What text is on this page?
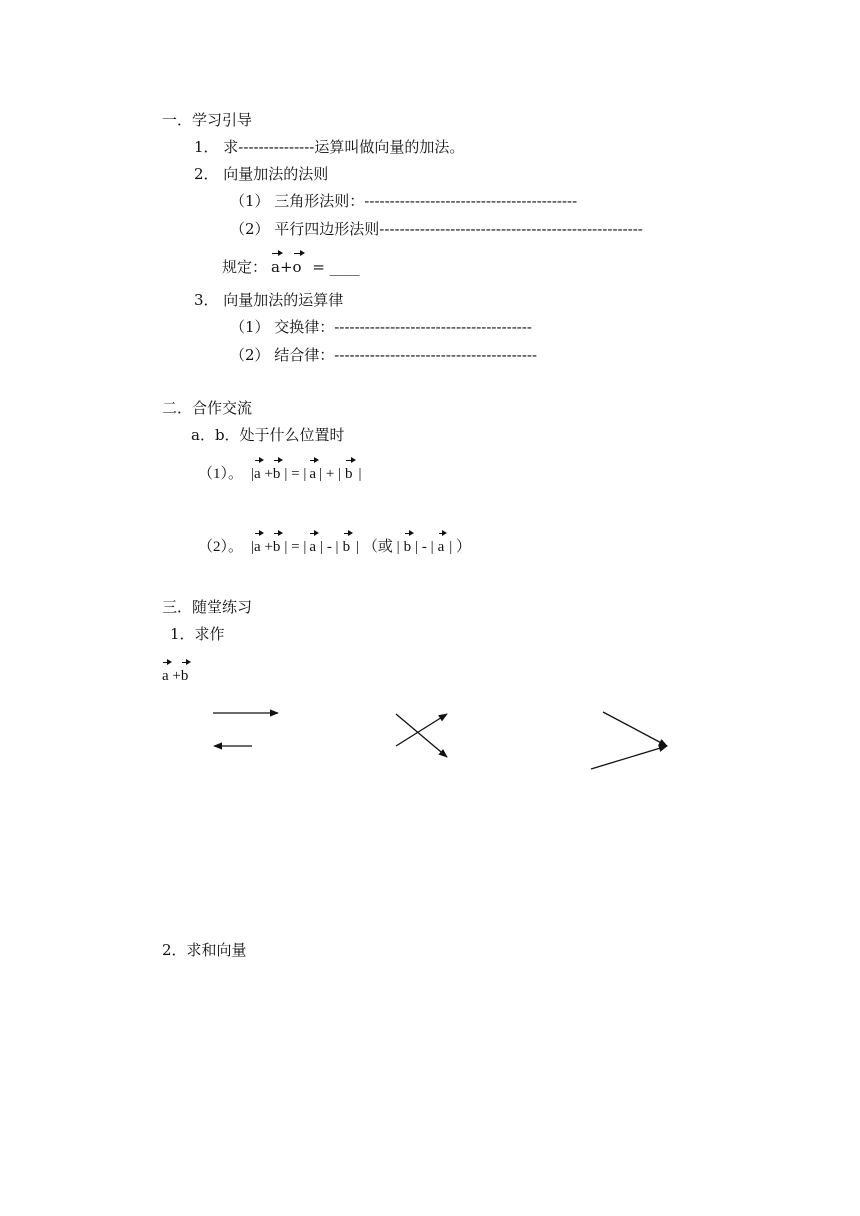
一．学习引导
1． 求---------------运算叫做向量的加法。
2． 向量加法的法则
（1） 三角形法则：------------------------------------------
（2） 平行四边形法则----------------------------------------------------
规定： a+o = ____
3． 向量加法的运算律
（1） 交换律：---------------------------------------
（2） 结合律：----------------------------------------
二．合作交流
a．b．处于什么位置时
（1）。 |a +b | = | a | + | b |
（2）。 |a +b | = | a | - | b | （或 | b | - | a | ）
三．随堂练习
1．求作
a +b
2．求和向量
